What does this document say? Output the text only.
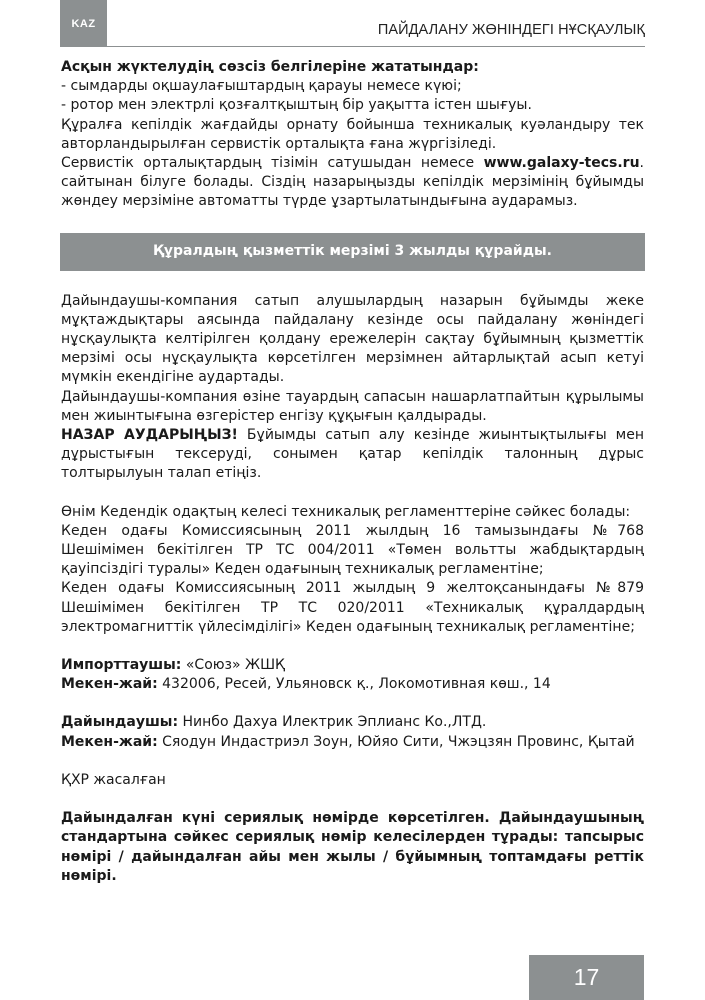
KAZ	ПАЙДАЛАНУ ЖӨНІНДЕГІ НҰСҚАУЛЫҚ

Асқын жүктелудің сөзсіз белгілеріне жататындар:

- сымдарды оқшаулағыштардың қарауы немесе күюі;

- ротор мен электрлі қозғалтқыштың бір уақытта істен шығуы.

Құралға кепілдік жағдайды орнату бойынша техникалық куәландыру тек авторландырылған сервистік орталықта ғана жүргізіледі.

Сервистік орталықтардың тізімін сатушыдан немесе www.galaxy-tecs.ru. сайтынан білуге болады. Сіздің назарыңызды кепілдік мерзімінің бұйымды жөндеу мерзіміне автоматты түрде ұзартылатындығына аударамыз.

Құралдың қызметтік мерзімі 3 жылды құрайды.

Дайындаушы-компания сатып алушылардың назарын бұйымды жеке мұқтаждықтары аясында пайдалану кезінде осы пайдалану жөніндегі нұсқаулықта келтірілген қолдану ережелерін сақтау бұйымның қызметтік мерзімі осы нұсқаулықта көрсетілген мерзімнен айтарлықтай асып кетуі мүмкін екендігіне аудартады.

Дайындаушы-компания өзіне тауардың сапасын нашарлатпайтын құрылымы мен жиынтығына өзгерістер енгізу құқығын қалдырады.

НАЗАР АУДАРЫҢЫЗ! Бұйымды сатып алу кезінде жиынтықтылығы мен дұрыстығын тексеруді, сонымен қатар кепілдік талонның дұрыс толтырылуын талап етіңіз.

Өнім Кедендік одақтың келесі техникалық регламенттеріне сәйкес болады:

Кеден одағы Комиссиясының 2011 жылдың 16 тамызындағы №768 Шешімімен бекітілген ТР ТС 004/2011 «Төмен вольтты жабдықтардың қауіпсіздігі туралы» Кеден одағының техникалық регламентіне;

Кеден одағы Комиссиясының 2011 жылдың 9 желтоқсанындағы №879 Шешімімен бекітілген ТР ТС 020/2011 «Техникалық құралдардың электромагниттік үйлесімділігі» Кеден одағының техникалық регламентіне;

Импорттаушы: «Союз» ЖШҚ

Мекен-жай: 432006, Ресей, Ульяновск қ., Локомотивная көш., 14

Дайындаушы: Нинбо Дахуа Илектрик Эплианс Ко.,ЛТД.

Мекен-жай: Сяодун Индастриэл Зоун, Юйяо Сити, Чжэцзян Провинс, Қытай

ҚХР жасалған

Дайындалған күні сериялық нөмірде көрсетілген. Дайындаушының стандартына сәйкес сериялық нөмір келесілерден тұрады: тапсырыс нөмірі / дайындалған айы мен жылы / бұйымның топтамдағы реттік нөмірі.

17
